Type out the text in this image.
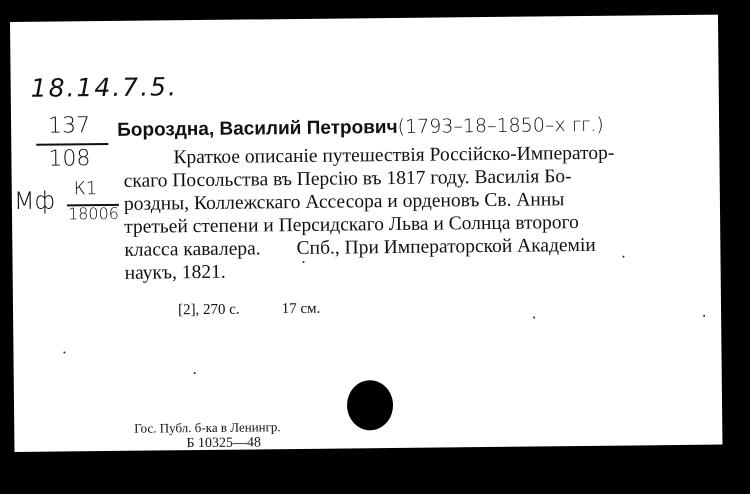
18.14.7.5.
137
108
Мф К1
18006
Борозднa, Василий Петрович(1793–18–1850–х гг.)
Краткое описаніе путешествія Россійско-Император-
скаго Посольства въ Персію въ 1817 году. Василія Бо-
роздны, Коллежскаго Ассесора и орденовъ Св. Анны
третьей степени и Персидскаго Льва и Солнца второго
класса кавалера. Спб., При Императорской Академіи
наукъ, 1821.
[2], 270 с.	17 см.
Гос. Публ. б-ка в Ленингр.
Б 10325—48
